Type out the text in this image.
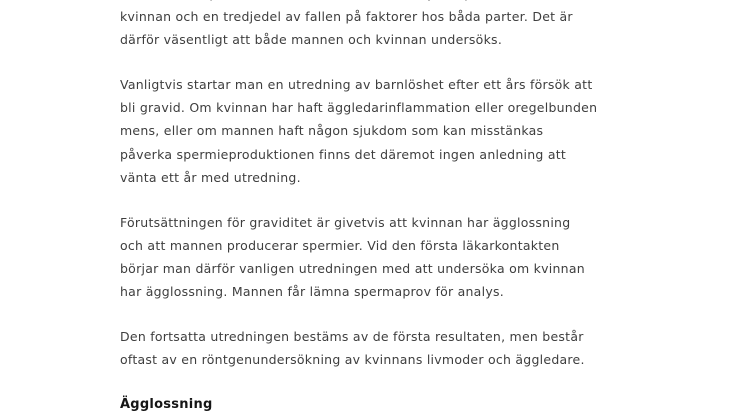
kvinnan och en tredjedel av fallen på faktorer hos båda parter. Det är
därför väsentligt att både mannen och kvinnan undersöks.

Vanligtvis startar man en utredning av barnlöshet efter ett års försök att
bli gravid. Om kvinnan har haft äggledarinflammation eller oregelbunden
mens, eller om mannen haft någon sjukdom som kan misstänkas
påverka spermieproduktionen finns det däremot ingen anledning att
vänta ett år med utredning.

Förutsättningen för graviditet är givetvis att kvinnan har ägglossning
och att mannen producerar spermier. Vid den första läkarkontakten
börjar man därför vanligen utredningen med att undersöka om kvinnan
har ägglossning. Mannen får lämna spermaprov för analys.

Den fortsatta utredningen bestäms av de första resultaten, men består
oftast av en röntgenundersökning av kvinnans livmoder och äggledare.

Ägglossning
